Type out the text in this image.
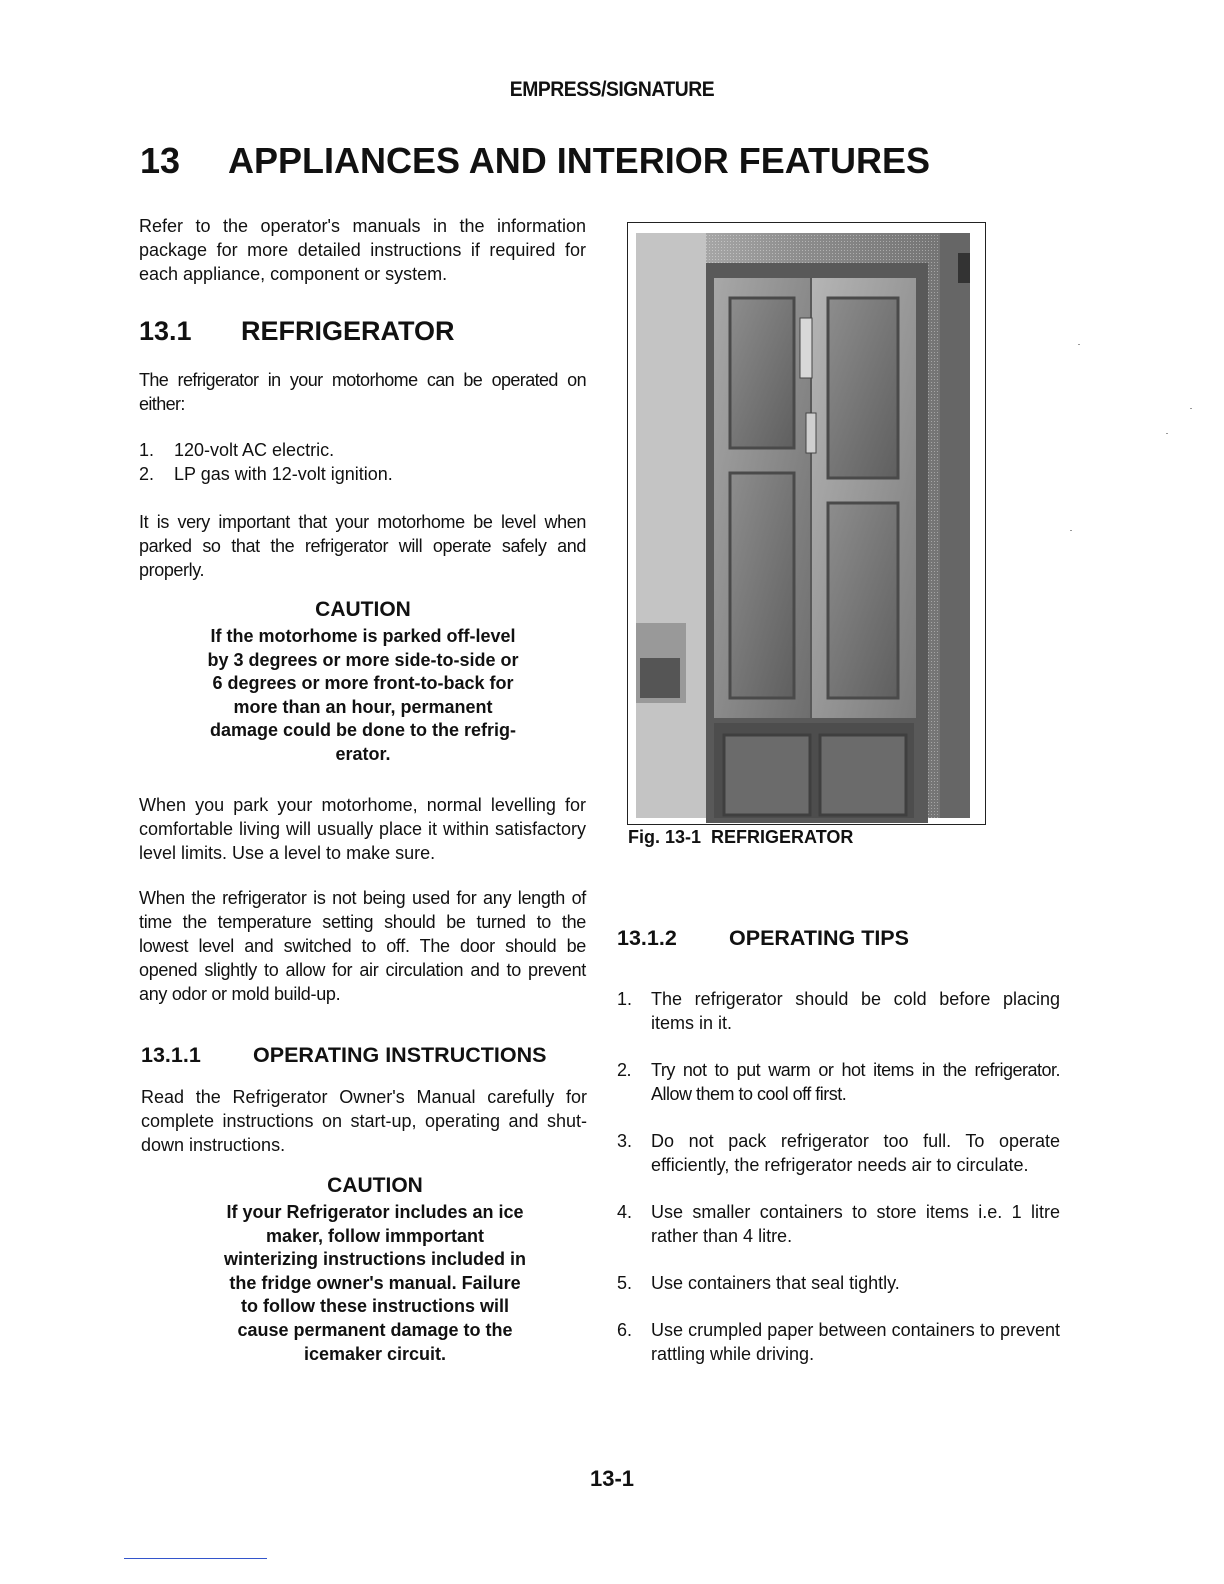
EMPRESS/SIGNATURE
13 APPLIANCES AND INTERIOR FEATURES
Refer to the operator's manuals in the information package for more detailed instructions if required for each appliance, component or system.
13.1 REFRIGERATOR
The refrigerator in your motorhome can be operated on either:
1. 120-volt AC electric.
2. LP gas with 12-volt ignition.
It is very important that your motorhome be level when parked so that the refrigerator will operate safely and properly.
CAUTION
If the motorhome is parked off-level
by 3 degrees or more side-to-side or
6 degrees or more front-to-back for
more than an hour, permanent
damage could be done to the refrig-
erator.
When you park your motorhome, normal levelling for comfortable living will usually place it within satisfactory level limits. Use a level to make sure.
When the refrigerator is not being used for any length of time the temperature setting should be turned to the lowest level and switched to off. The door should be opened slightly to allow for air circulation and to prevent any odor or mold build-up.
13.1.1 OPERATING INSTRUCTIONS
Read the Refrigerator Owner's Manual carefully for complete instructions on start-up, operating and shut-down instructions.
CAUTION
If your Refrigerator includes an ice
maker, follow immportant
winterizing instructions included in
the fridge owner's manual. Failure
to follow these instructions will
cause permanent damage to the
icemaker circuit.
Fig. 13-1 REFRIGERATOR
13.1.2 OPERATING TIPS
1. The refrigerator should be cold before placing items in it.
2. Try not to put warm or hot items in the refrigerator. Allow them to cool off first.
3. Do not pack refrigerator too full. To operate efficiently, the refrigerator needs air to circulate.
4. Use smaller containers to store items i.e. 1 litre rather than 4 litre.
5. Use containers that seal tightly.
6. Use crumpled paper between containers to prevent rattling while driving.
13-1
